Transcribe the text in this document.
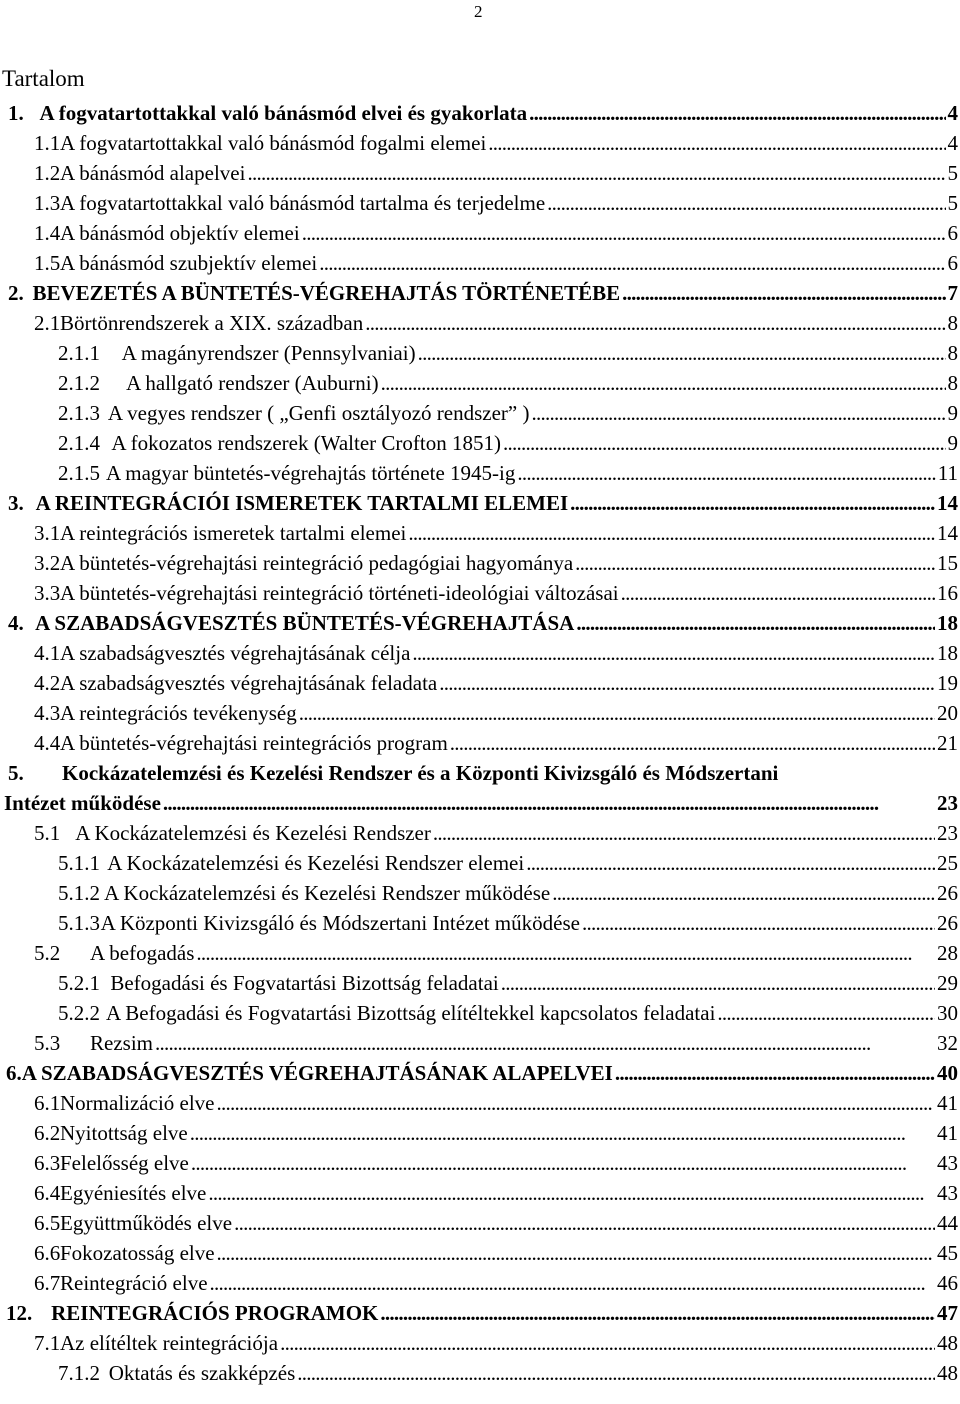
2
Tartalom
1. A fogvatartottakkal való bánásmód elvei és gyakorlata . . .	4
1.1 A fogvatartottakkal való bánásmód fogalmi elemei . . .	4
1.2 A bánásmód alapelvei . . .	5
1.3 A fogvatartottakkal való bánásmód tartalma és terjedelme . . .	5
1.4 A bánásmód objektív elemei . . .	6
1.5 A bánásmód szubjektív elemei . . .	6
2. BEVEZETÉS A BÜNTETÉS-VÉGREHAJTÁS TÖRTÉNETÉBE . . .	7
2.1 Börtönrendszerek a XIX. században . . .	8
2.1.1	A magányrendszer (Pennsylvaniai) . . .	8
2.1.2	A hallgató rendszer (Auburni) . . .	8
2.1.3 A vegyes rendszer ( „Genfi osztályozó rendszer” ) . . .	9
2.1.4 A fokozatos rendszerek (Walter Crofton 1851) . . .	9
2.1.5 A magyar büntetés-végrehajtás története 1945-ig . . .	11
3. A REINTEGRÁCIÓI ISMERETEK TARTALMI ELEMEI . . .	14
3.1 A reintegrációs ismeretek tartalmi elemei . . .	14
3.2 A büntetés-végrehajtási reintegráció pedagógiai hagyománya . . .	15
3.3 A büntetés-végrehajtási reintegráció történeti-ideológiai változásai . . .	16
4. A SZABADSÁGVESZTÉS BÜNTETÉS-VÉGREHAJTÁSA . . .	18
4.1 A szabadságvesztés végrehajtásának célja . . .	18
4.2 A szabadságvesztés végrehajtásának feladata . . .	19
4.3 A reintegrációs tevékenység . . .	20
4.4 A büntetés-végrehajtási reintegrációs program . . .	21
5.	Kockázatelemzési és Kezelési Rendszer és a Központi Kivizsgáló és Módszertani
Intézet működése . . .	23
5.1 A Kockázatelemzési és Kezelési Rendszer . . .	23
5.1.1 A Kockázatelemzési és Kezelési Rendszer elemei . . .	25
5.1.2 A Kockázatelemzési és Kezelési Rendszer működése . . .	26
5.1.3 A Központi Kivizsgáló és Módszertani Intézet működése . . .	26
5.2	A befogadás . . .	28
5.2.1 Befogadási és Fogvatartási Bizottság feladatai . . .	29
5.2.2 A Befogadási és Fogvatartási Bizottság elítéltekkel kapcsolatos feladatai . . .	30
5.3	Rezsim . . .	32
6. A SZABADSÁGVESZTÉS VÉGREHAJTÁSÁNAK ALAPELVEI . . .	40
6.1 Normalizáció elve . . .	41
6.2 Nyitottság elve . . .	41
6.3 Felelősség elve . . .	43
6.4 Egyéniesítés elve . . .	43
6.5 Együttműködés elve . . .	44
6.6 Fokozatosság elve . . .	45
6.7 Reintegráció elve . . .	46
12. REINTEGRÁCIÓS PROGRAMOK . . .	47
7.1 Az elítéltek reintegrációja . . .	48
7.1.2 Oktatás és szakképzés . . .	48
